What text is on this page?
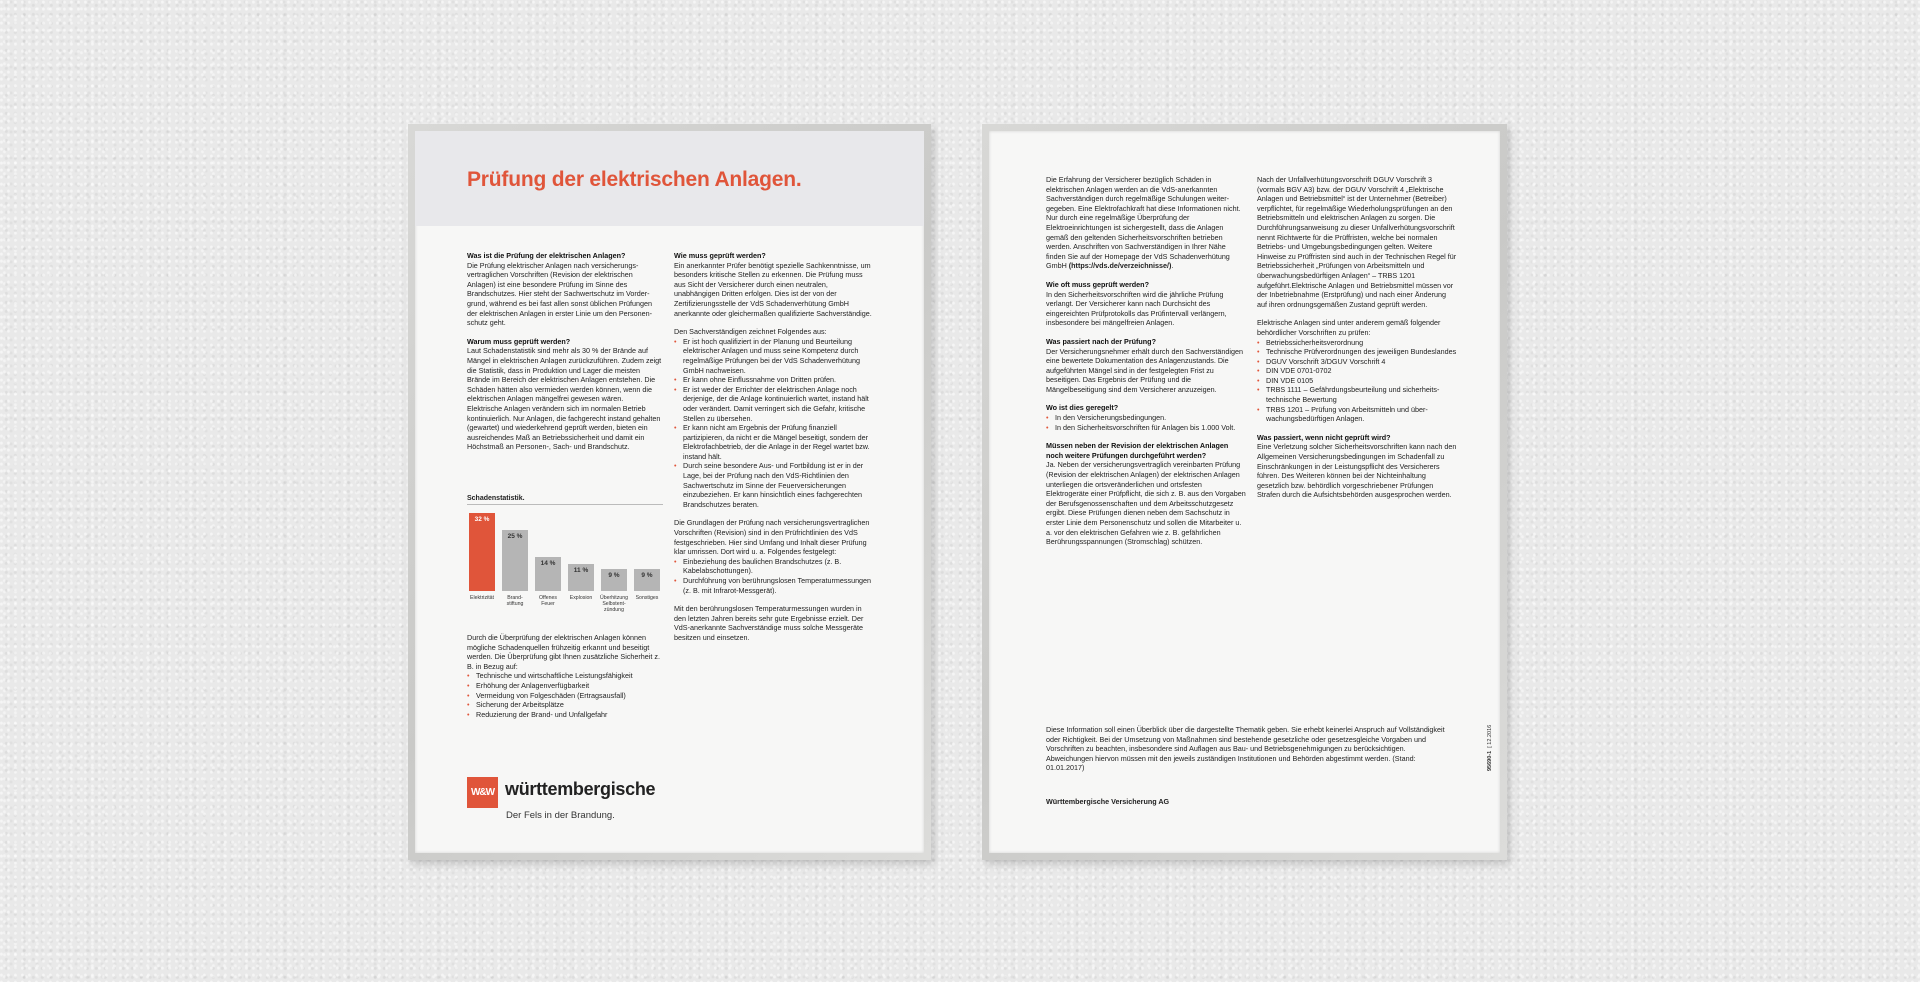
Prüfung der elektrischen Anlagen.
Was ist die Prüfung der elektrischen Anlagen?

Die Prüfung elektrischer Anlagen nach versicherungsvertraglichen Vorschriften (Revision der elektrischen Anlagen) ist eine besondere Prüfung im Sinne des Brandschutzes. Hier steht der Sachwertschutz im Vordergrund, während es bei fast allen sonst üblichen Prüfungen der elektrischen Anlagen in erster Linie um den Personenschutz geht.

Warum muss geprüft werden?

Laut Schadenstatistik sind mehr als 30 % der Brände auf Mängel in elektrischen Anlagen zurückzuführen. Zudem zeigt die Statistik, dass in Produktion und Lager die meisten Brände im Bereich der elektrischen Anlagen entstehen. Die Schäden hätten also vermieden werden können, wenn die elektrischen Anlagen mängelfrei gewesen wären.

Elektrische Anlagen verändern sich im normalen Betrieb kontinuierlich. Nur Anlagen, die fachgerecht instand gehalten (gewartet) und wiederkehrend geprüft werden, bieten ein ausreichendes Maß an Betriebssicherheit und damit ein Höchstmaß an Personen-, Sach- und Brandschutz.

Schadenstatistik.
32 %
Elektrizität
25 %
Brand-
stiftung
14 %
Offenes
Feuer
11 %
Explosion
9 %
Überhitzung
Selbstent-
zündung
9 %
Sonstiges

Durch die Überprüfung der elektrischen Anlagen können mögliche Schadenquellen frühzeitig erkannt und beseitigt werden. Die Überprüfung gibt Ihnen zusätzliche Sicherheit z. B. in Bezug auf:

• Technische und wirtschaftliche Leistungsfähigkeit
• Erhöhung der Anlagenverfügbarkeit
• Vermeidung von Folgeschäden (Ertragsausfall)
• Sicherung der Arbeitsplätze
• Reduzierung der Brand- und Unfallgefahr
Wie muss geprüft werden?

Ein anerkannter Prüfer benötigt spezielle Sachkenntnisse, um besonders kritische Stellen zu erkennen. Die Prüfung muss aus Sicht der Versicherer durch einen neutralen, unabhängigen Dritten erfolgen. Dies ist der von der Zertifizierungsstelle der VdS Schadenverhütung GmbH anerkannte oder gleichermaßen qualifizierte Sachverständige.

Den Sachverständigen zeichnet Folgendes aus:

• Er ist hoch qualifiziert in der Planung und Beurteilung elektrischer Anlagen und muss seine Kompetenz durch regelmäßige Prüfungen bei der VdS Schadenverhütung GmbH nachweisen.
• Er kann ohne Einflussnahme von Dritten prüfen.
• Er ist weder der Errichter der elektrischen Anlage noch derjenige, der die Anlage kontinuierlich wartet, instand hält oder verändert. Damit verringert sich die Gefahr, kritische Stellen zu übersehen.
• Er kann nicht am Ergebnis der Prüfung finanziell partizipieren, da nicht er die Mängel beseitigt, sondern der Elektrofachbetrieb, der die Anlage in der Regel wartet bzw. instand hält.
• Durch seine besondere Aus- und Fortbildung ist er in der Lage, bei der Prüfung nach den VdS-Richtlinien den Sachwertschutz im Sinne der Feuerversicherungen einzubeziehen. Er kann hinsichtlich eines fachgerechten Brandschutzes beraten.

Die Grundlagen der Prüfung nach versicherungsvertraglichen Vorschriften (Revision) sind in den Prüfrichtlinien des VdS festgeschrieben. Hier sind Umfang und Inhalt dieser Prüfung klar umrissen. Dort wird u. a. Folgendes festgelegt:

• Einbeziehung des baulichen Brandschutzes (z. B. Kabelabschottungen).
• Durchführung von berührungslosen Temperaturmessungen (z. B. mit Infrarot-Messgerät).

Mit den berührungslosen Temperaturmessungen wurden in den letzten Jahren bereits sehr gute Ergebnisse erzielt. Der VdS-anerkannte Sachverständige muss solche Messgeräte besitzen und einsetzen.

W&W württembergische
Der Fels in der Brandung.

Die Erfahrung der Versicherer bezüglich Schäden in elektrischen Anlagen werden an die VdS-anerkannten Sachverständigen durch regelmäßige Schulungen weitergegeben. Eine Elektrofachkraft hat diese Informationen nicht. Nur durch eine regelmäßige Überprüfung der Elektroeinrichtungen ist sichergestellt, dass die Anlagen gemäß den geltenden Sicherheitsvorschriften betrieben werden. Anschriften von Sachverständigen in Ihrer Nähe finden Sie auf der Homepage der VdS Schadenverhütung GmbH (https://vds.de/verzeichnisse/).

Wie oft muss geprüft werden?

In den Sicherheitsvorschriften wird die jährliche Prüfung verlangt. Der Versicherer kann nach Durchsicht des eingereichten Prüfprotokolls das Prüfintervall verlängern, insbesondere bei mängelfreien Anlagen.

Was passiert nach der Prüfung?

Der Versicherungsnehmer erhält durch den Sachverständigen eine bewertete Dokumentation des Anlagenzustands. Die aufgeführten Mängel sind in der festgelegten Frist zu beseitigen. Das Ergebnis der Prüfung und die Mängelbeseitigung sind dem Versicherer anzuzeigen.

Wo ist dies geregelt?
• In den Versicherungsbedingungen.
• In den Sicherheitsvorschriften für Anlagen bis 1.000 Volt.
Müssen neben der Revision der elektrischen Anlagen noch weitere Prüfungen durchgeführt werden?

Ja. Neben der versicherungsvertraglich vereinbarten Prüfung (Revision der elektrischen Anlagen) der elektrischen Anlagen unterliegen die ortsveränderlichen und ortsfesten Elektrogeräte einer Prüfpflicht, die sich z. B. aus den Vorgaben der Berufsgenossenschaften und dem Arbeitsschutzgesetz ergibt. Diese Prüfungen dienen neben dem Sachschutz in erster Linie dem Personenschutz und sollen die Mitarbeiter u. a. vor den elektrischen Gefahren wie z. B. gefährlichen Berührungsspannungen (Stromschlag) schützen.

Nach der Unfallverhütungsvorschrift DGUV Vorschrift 3 (vormals BGV A3) bzw. der DGUV Vorschrift 4 „Elektrische Anlagen und Betriebsmittel“ ist der Unternehmer (Betreiber) verpflichtet, für regelmäßige Wiederholungsprüfungen an den Betriebsmitteln und elektrischen Anlagen zu sorgen. Die Durchführungsanweisung zu dieser Unfallverhütungsvorschrift nennt Richtwerte für die Prüffristen, welche bei normalen Betriebs- und Umgebungsbedingungen gelten. Weitere Hinweise zu Prüffristen sind auch in der Technischen Regel für Betriebssicherheit „Prüfungen von Arbeitsmitteln und überwachungsbedürftigen Anlagen“ – TRBS 1201 aufgeführt.Elektrische Anlagen und Betriebsmittel müssen vor der Inbetriebnahme (Erstprüfung) und nach einer Änderung auf ihren ordnungsgemäßen Zustand geprüft werden.

Elektrische Anlagen sind unter anderem gemäß folgender behördlicher Vorschriften zu prüfen:

• Betriebssicherheitsverordnung
• Technische Prüfverordnungen des jeweiligen Bundeslandes
• DGUV Vorschrift 3/DGUV Vorschrift 4
• DIN VDE 0701-0702
• DIN VDE 0105
• TRBS 1111 – Gefährdungsbeurteilung und sicherheitstechnische Bewertung
• TRBS 1201 – Prüfung von Arbeitsmitteln und überwachungsbedürftigen Anlagen.
Was passiert, wenn nicht geprüft wird?

Eine Verletzung solcher Sicherheitsvorschriften kann nach den Allgemeinen Versicherungsbedingungen im Schadenfall zu Einschränkungen in der Leistungspflicht des Versicherers führen. Des Weiteren können bei der Nichteinhaltung gesetzlich bzw. behördlich vorgeschriebener Prüfungen Strafen durch die Aufsichtsbehörden ausgesprochen werden.

Diese Information soll einen Überblick über die dargestellte Thematik geben. Sie erhebt keinerlei Anspruch auf Vollständigkeit oder Richtigkeit. Bei der Umsetzung von Maßnahmen sind bestehende gesetzliche oder gesetzesgleiche Vorgaben und Vorschriften zu beachten, insbesondere sind Auflagen aus Bau- und Betriebsgenehmigungen zu berücksichtigen. Abweichungen hiervon müssen mit den jeweils zuständigen Institutionen und Behörden abgestimmt werden. (Stand: 01.01.2017)
Württembergische Versicherung AG
95690-1  [ 12.2016
